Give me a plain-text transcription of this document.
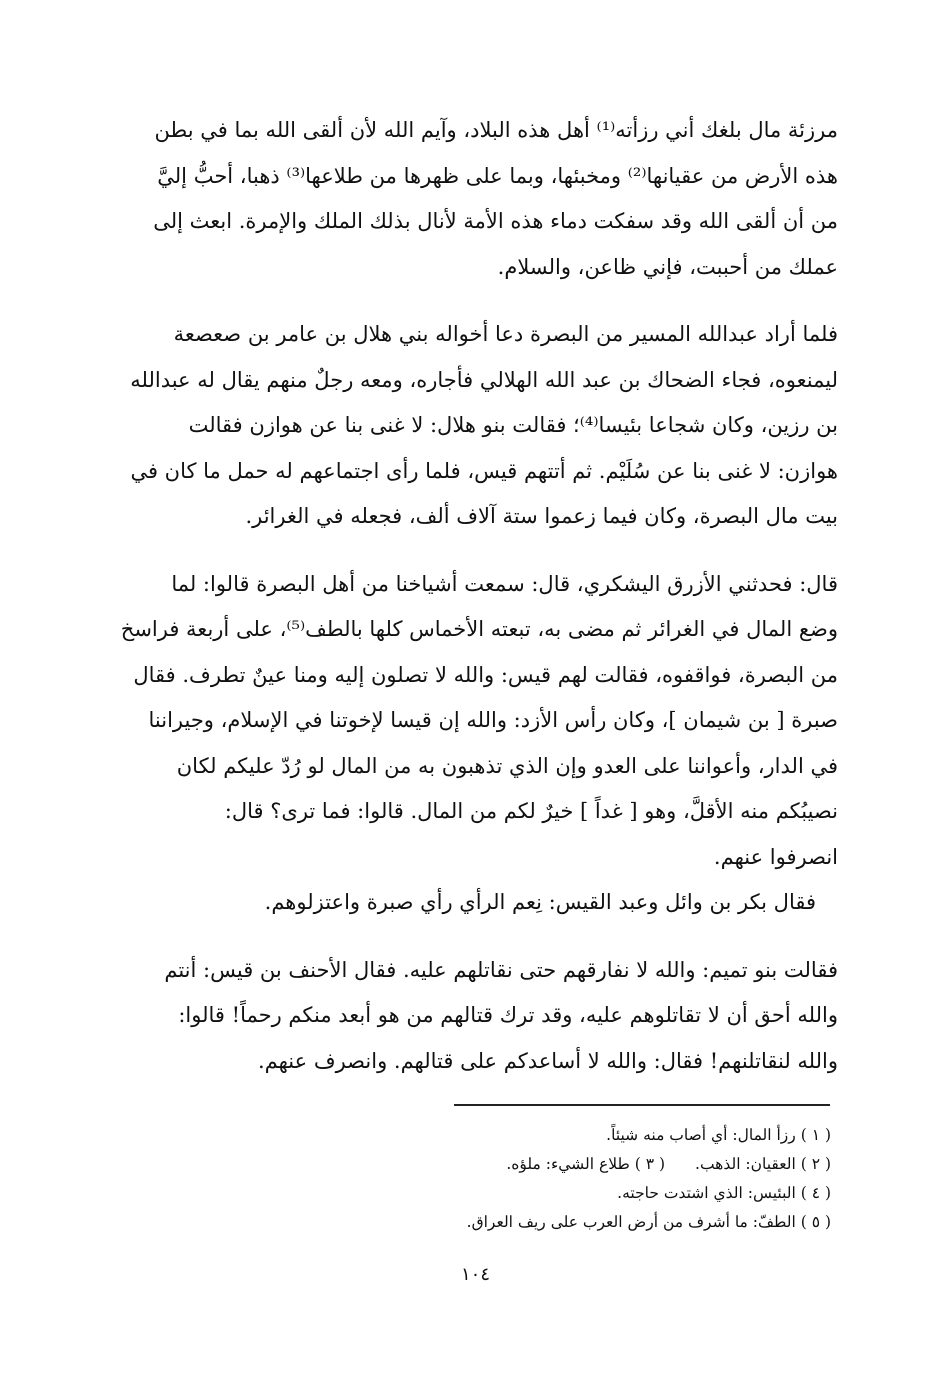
مرزئة مال بلغك أني رزأته⁽¹⁾ أهل هذه البلاد، وآيم الله لأن ألقى الله بما في بطن
هذه الأرض من عقيانها⁽²⁾ ومخبئها، وبما على ظهرها من طلاعها⁽³⁾ ذهبا، أحبُّ إليَّ
من أن ألقى الله وقد سفكت دماء هذه الأمة لأنال بذلك الملك والإمرة. ابعث إلى
عملك من أحببت، فإني ظاعن، والسلام.

فلما أراد عبدالله المسير من البصرة دعا أخواله بني هلال بن عامر بن صعصعة
ليمنعوه، فجاء الضحاك بن عبد الله الهلالي فأجاره، ومعه رجلٌ منهم يقال له عبدالله
بن رزين، وكان شجاعا بئيسا⁽⁴⁾؛ فقالت بنو هلال: لا غنى بنا عن هوازن فقالت
هوازن: لا غنى بنا عن سُلَيْم. ثم أتتهم قيس، فلما رأى اجتماعهم له حمل ما كان في
بيت مال البصرة، وكان فيما زعموا ستة آلاف ألف، فجعله في الغرائر.

قال: فحدثني الأزرق اليشكري، قال: سمعت أشياخنا من أهل البصرة قالوا: لما
وضع المال في الغرائر ثم مضى به، تبعته الأخماس كلها بالطف⁽⁵⁾، على أربعة فراسخ
من البصرة، فواقفوه، فقالت لهم قيس: والله لا تصلون إليه ومنا عينٌ تطرف. فقال
صبرة [ بن شيمان ]، وكان رأس الأزد: والله إن قيسا لإخوتنا في الإسلام، وجيراننا
في الدار، وأعواننا على العدو وإن الذي تذهبون به من المال لو رُدّ عليكم لكان
نصيبُكم منه الأقلَّ، وهو [ غداً ] خيرٌ لكم من المال. قالوا: فما ترى؟ قال:
انصرفوا عنهم.

فقال بكر بن وائل وعبد القيس: نِعم الرأي رأي صبرة واعتزلوهم.

فقالت بنو تميم: والله لا نفارقهم حتى نقاتلهم عليه. فقال الأحنف بن قيس: أنتم
والله أحق أن لا تقاتلوهم عليه، وقد ترك قتالهم من هو أبعد منكم رحماً! قالوا:
والله لنقاتلنهم! فقال: والله لا أساعدكم على قتالهم. وانصرف عنهم.

( ١ ) رزأ المال: أي أصاب منه شيئاً.
( ٢ ) العقيان: الذهب.( ٣ ) طلاع الشيء: ملؤه.
( ٤ ) البئيس: الذي اشتدت حاجته.
( ٥ ) الطفّ: ما أشرف من أرض العرب على ريف العراق.
١٠٤
